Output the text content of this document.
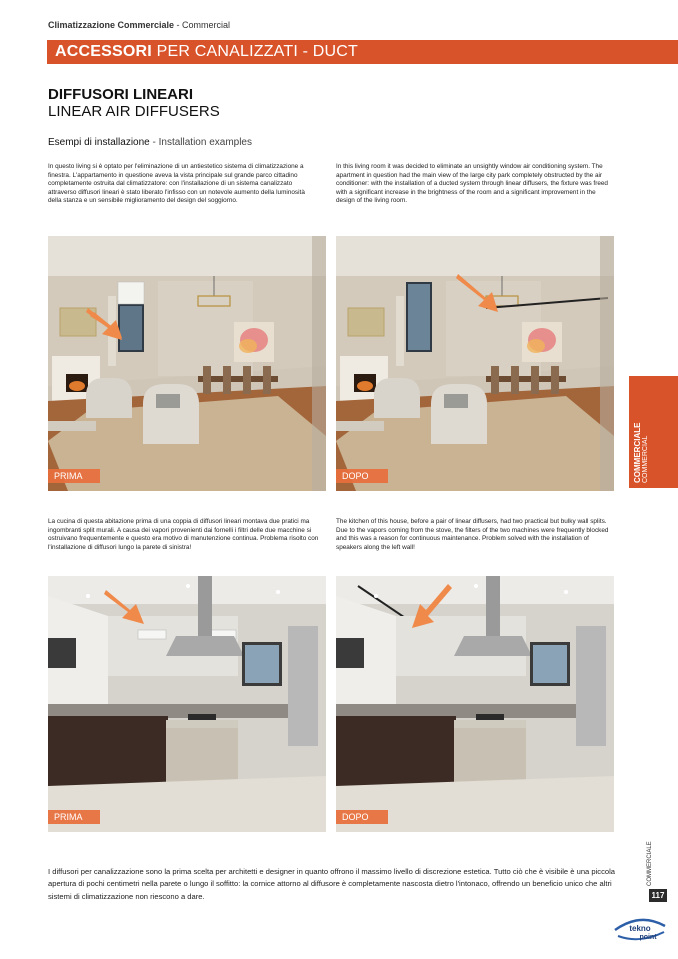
Climatizzazione Commerciale - Commercial
ACCESSORI PER CANALIZZATI - DUCT
DIFFUSORI LINEARI
LINEAR AIR DIFFUSERS
Esempi di installazione - Installation examples
In questo living si è optato per l'eliminazione di un antiestetico sistema di climatizzazione a finestra. L'appartamento in questione aveva la vista principale sul grande parco cittadino completamente ostruita dal climatizzatore: con l'installazione di un sistema canalizzato attraverso diffusori lineari è stato liberato l'infisso con un notevole aumento della luminosità della stanza e un sensibile miglioramento del design del soggiorno.
In this living room it was decided to eliminate an unsightly window air conditioning system. The apartment in question had the main view of the large city park completely obstructed by the air conditioner: with the installation of a ducted system through linear diffusers, the fixture was freed with a significant increase in the brightness of the room and a significant improvement in the design of the living room.
PRIMA	DOPO	COMMERCIALE COMMERCIAL
La cucina di questa abitazione prima di una coppia di diffusori lineari montava due pratici ma ingombranti split murali. A causa dei vapori provenienti dai fornelli i filtri delle due macchine si ostruivano frequentemente e questo era motivo di manutenzione continua. Problema risolto con l'installazione di diffusori lungo la parete di sinistra!
The kitchen of this house, before a pair of linear diffusers, had two practical but bulky wall splits. Due to the vapors coming from the stove, the filters of the two machines were frequently blocked and this was a reason for continuous maintenance. Problem solved with the installation of speakers along the left wall!
PRIMA	DOPO
I diffusori per canalizzazione sono la prima scelta per architetti e designer in quanto offrono il massimo livello di discrezione estetica. Tutto ciò che è visibile è una piccola apertura di pochi centimetri nella parete o lungo il soffitto: la cornice attorno al diffusore è completamente nascosta dietro l'intonaco, offrendo un beneficio unico che altri sistemi di climatizzazione non riescono a dare.
COMMERCIALE
117
tekno
point
